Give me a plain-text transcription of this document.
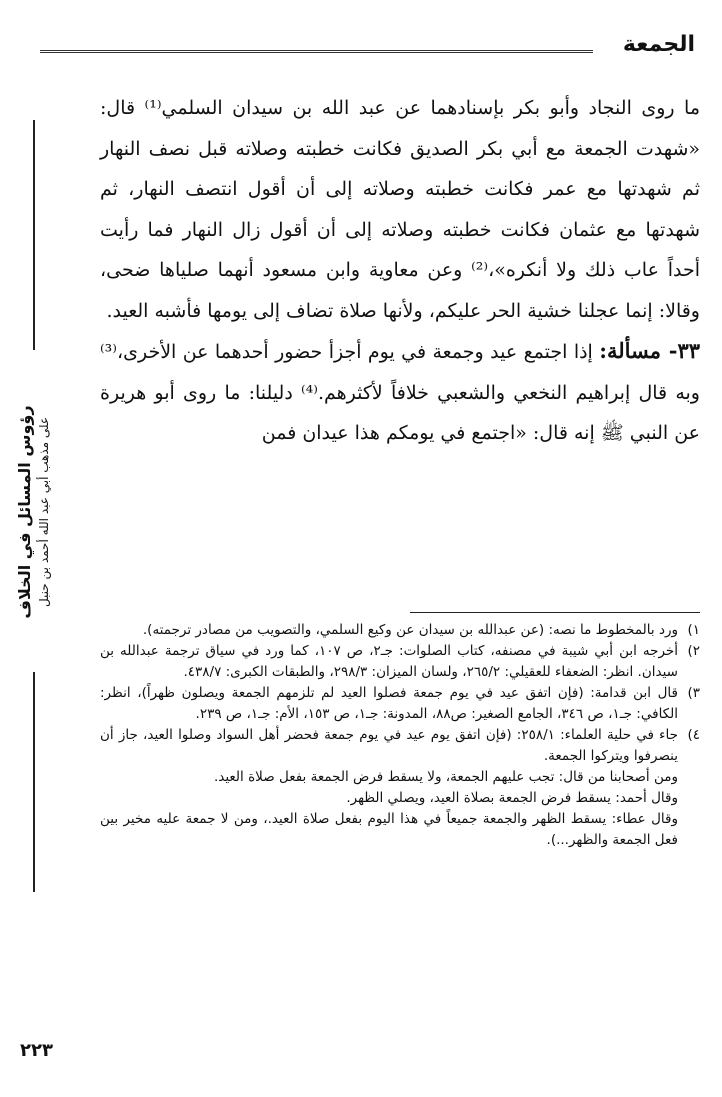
الجمعة
رؤوس المسائل في الخلاف على مذهب أبي عبد الله أحمد بن حنبل

ما روى النجاد وأبو بكر بإسنادهما عن عبد الله بن سيدان السلمي⁽¹⁾ قال: «شهدت الجمعة مع أبي بكر الصديق فكانت خطبته وصلاته قبل نصف النهار ثم شهدتها مع عمر فكانت خطبته وصلاته إلى أن أقول انتصف النهار، ثم شهدتها مع عثمان فكانت خطبته وصلاته إلى أن أقول زال النهار فما رأيت أحداً عاب ذلك ولا أنكره»،⁽²⁾ وعن معاوية وابن مسعود أنهما صلياها ضحى، وقالا: إنما عجلنا خشية الحر عليكم، ولأنها صلاة تضاف إلى يومها فأشبه العيد.

٣٣- مسألة: إذا اجتمع عيد وجمعة في يوم أجزأ حضور أحدهما عن الأخرى،⁽³⁾ وبه قال إبراهيم النخعي والشعبي خلافاً لأكثرهم.⁽⁴⁾ دليلنا: ما روى أبو هريرة عن النبي ﷺ إنه قال: «اجتمع في يومكم هذا عيدان فمن

١)
ورد بالمخطوط ما نصه: (عن عبدالله بن سيدان عن وكيع السلمي، والتصويب من مصادر ترجمته).
٢)
أخرجه ابن أبي شيبة في مصنفه، كتاب الصلوات: جـ٢، ص ١٠٧، كما ورد في سياق ترجمة عبدالله بن سيدان. انظر: الضعفاء للعقيلي: ٢٦٥/٢، ولسان الميزان: ٢٩٨/٣، والطبقات الكبرى: ٤٣٨/٧.
٣)
قال ابن قدامة: (فإن اتفق عيد في يوم جمعة فصلوا العيد لم تلزمهم الجمعة ويصلون ظهراً)، انظر: الكافي: جـ١، ص ٣٤٦، الجامع الصغير: ص٨٨، المدونة: جـ١، ص ١٥٣، الأم: جـ١، ص ٢٣٩.
٤)
جاء في حلية العلماء: ٢٥٨/١: (فإن اتفق يوم عيد في يوم جمعة فحضر أهل السواد وصلوا العيد، جاز أن ينصرفوا ويتركوا الجمعة.
ومن أصحابنا من قال: تجب عليهم الجمعة، ولا يسقط فرض الجمعة بفعل صلاة العيد.
وقال أحمد: يسقط فرض الجمعة بصلاة العيد، ويصلي الظهر.
وقال عطاء: يسقط الظهر والجمعة جميعاً في هذا اليوم بفعل صلاة العيد.، ومن لا جمعة عليه مخير بين فعل الجمعة والظهر...).
٢٢٣
